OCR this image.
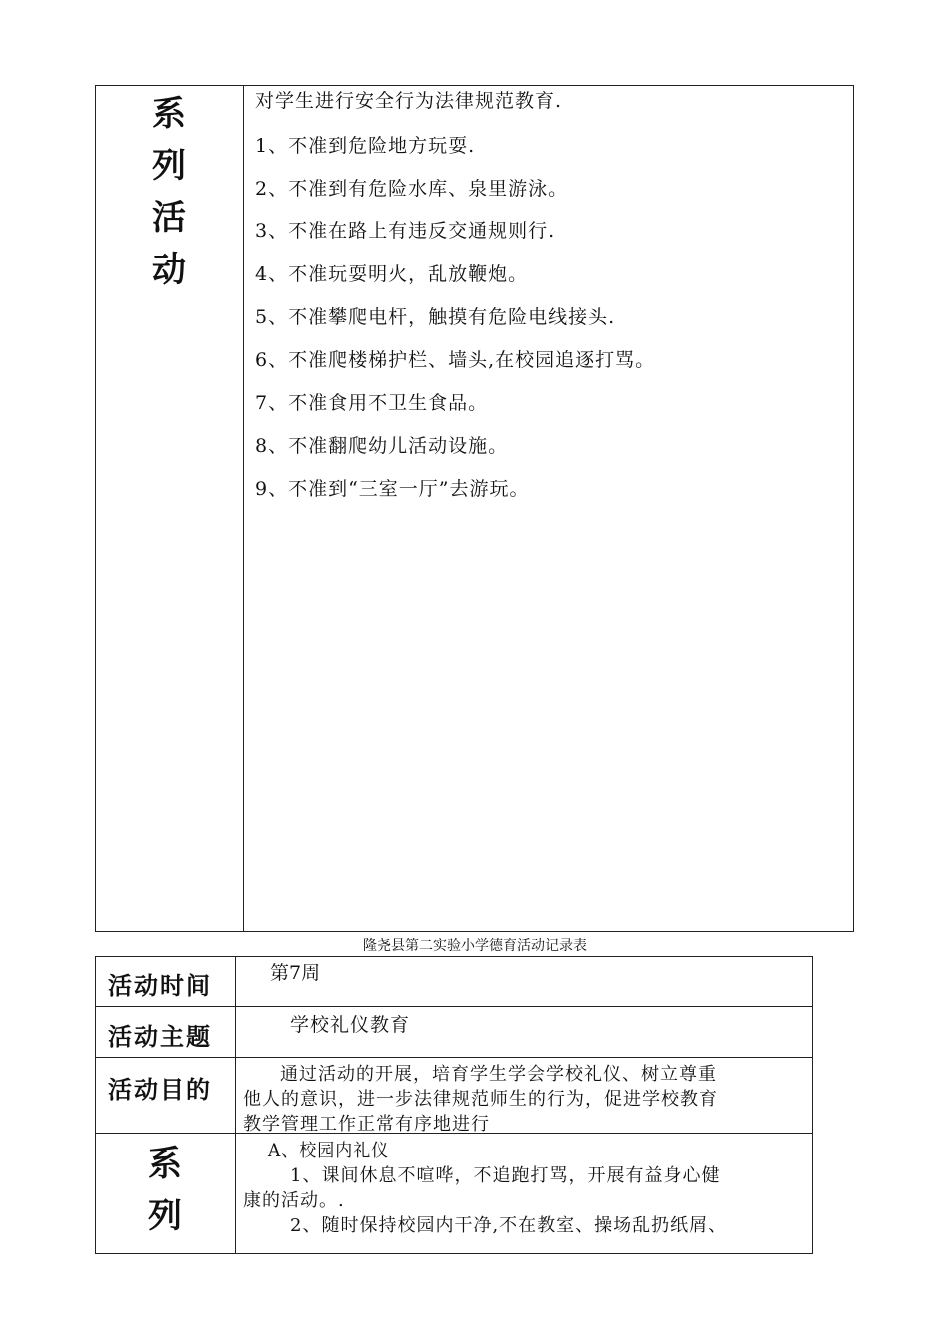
系
列
活
动
对学生进行安全行为法律规范教育.
1、不准到危险地方玩耍.
2、不准到有危险水库、泉里游泳。
3、不准在路上有违反交通规则行.
4、不准玩耍明火，乱放鞭炮。
5、不准攀爬电杆，触摸有危险电线接头.
6、不准爬楼梯护栏、墙头,在校园追逐打骂。
7、不准食用不卫生食品。
8、不准翻爬幼儿活动设施。
9、不准到“三室一厅”去游玩。
隆尧县第二实验小学德育活动记录表
活动时间	第7周
活动主题	学校礼仪教育
活动目的
通过活动的开展，培育学生学会学校礼仪、树立尊重
他人的意识，进一步法律规范师生的行为，促进学校教育
教学管理工作正常有序地进行
系
列
A、校园内礼仪
1、课间休息不喧哗，不追跑打骂，开展有益身心健
康的活动。.
2、随时保持校园内干净,不在教室、操场乱扔纸屑、
